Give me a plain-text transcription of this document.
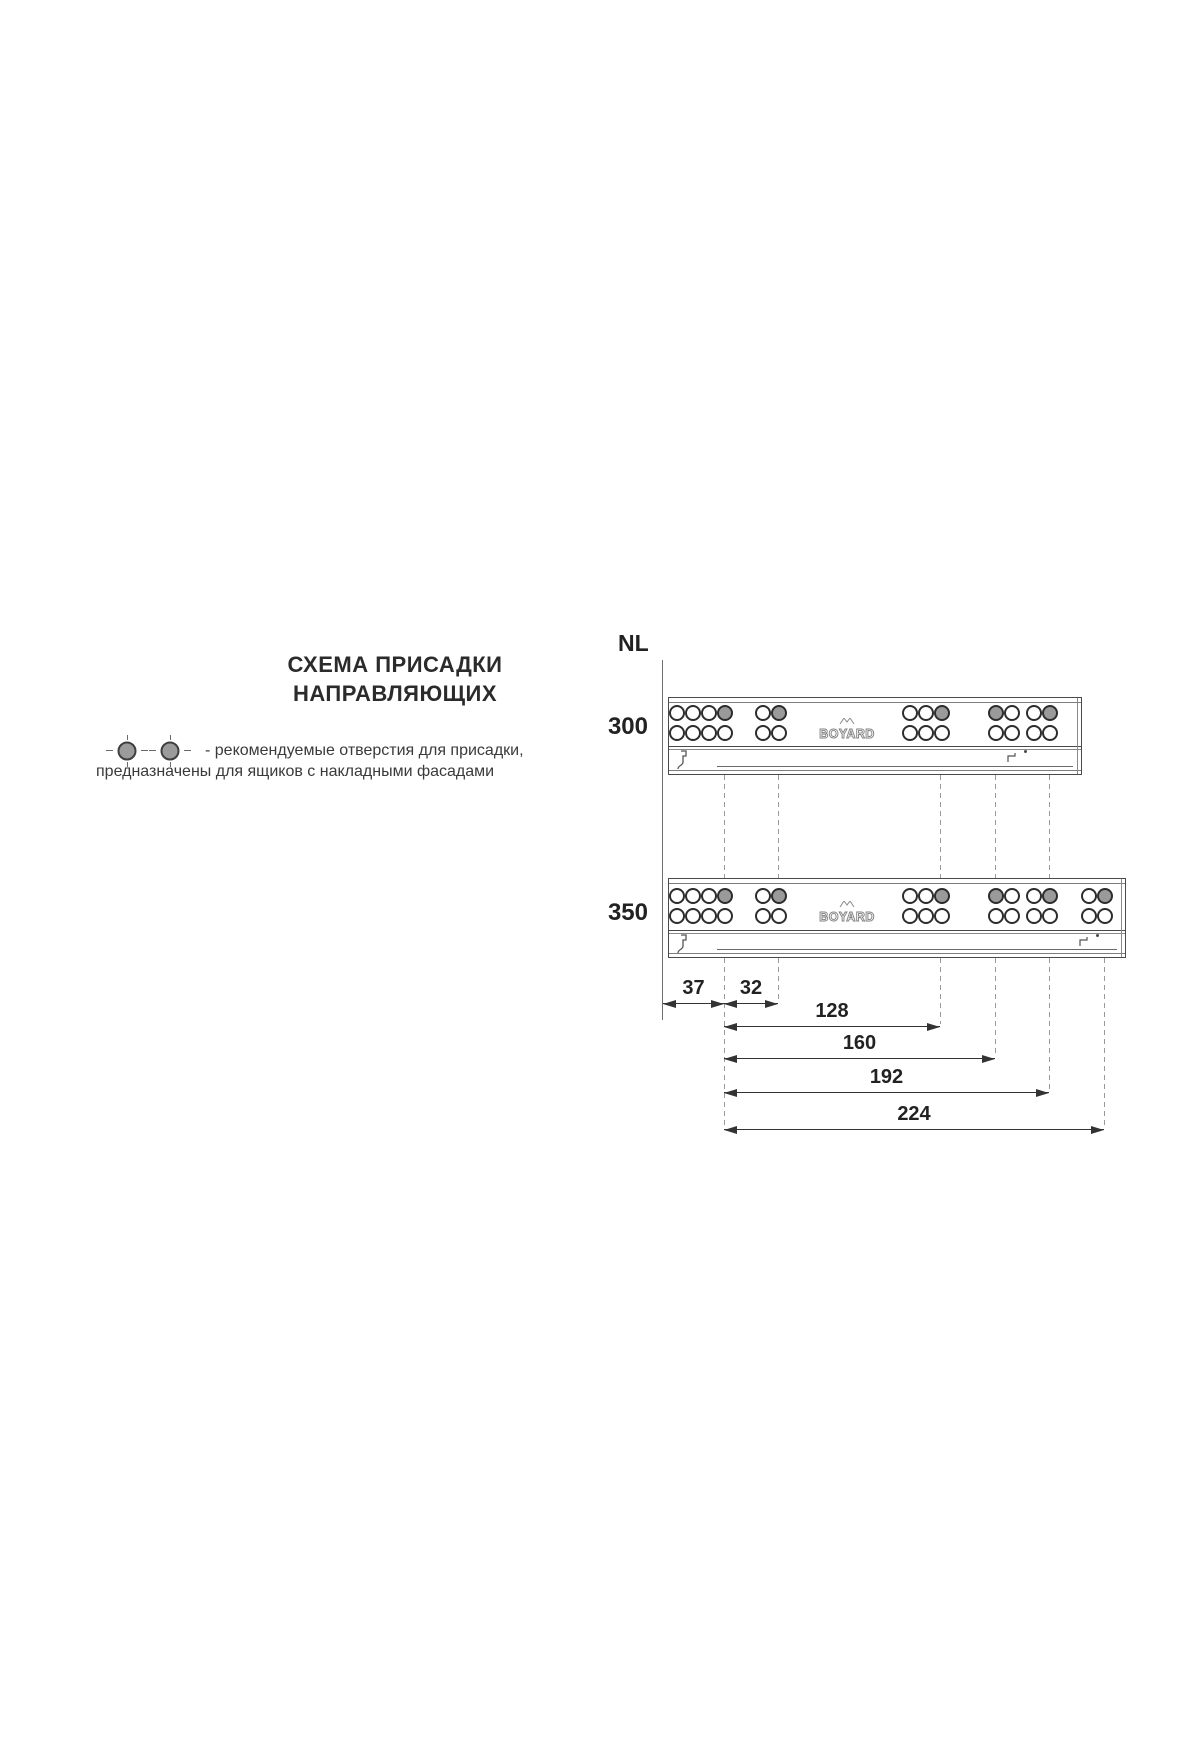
СХЕМА ПРИСАДКИ
НАПРАВЛЯЮЩИХ
- рекомендуемые отверстия для присадки,
предназначены для ящиков с накладными фасадами
NL
BOYARD
300
BOYARD
350
37 32
128
160
192
224
